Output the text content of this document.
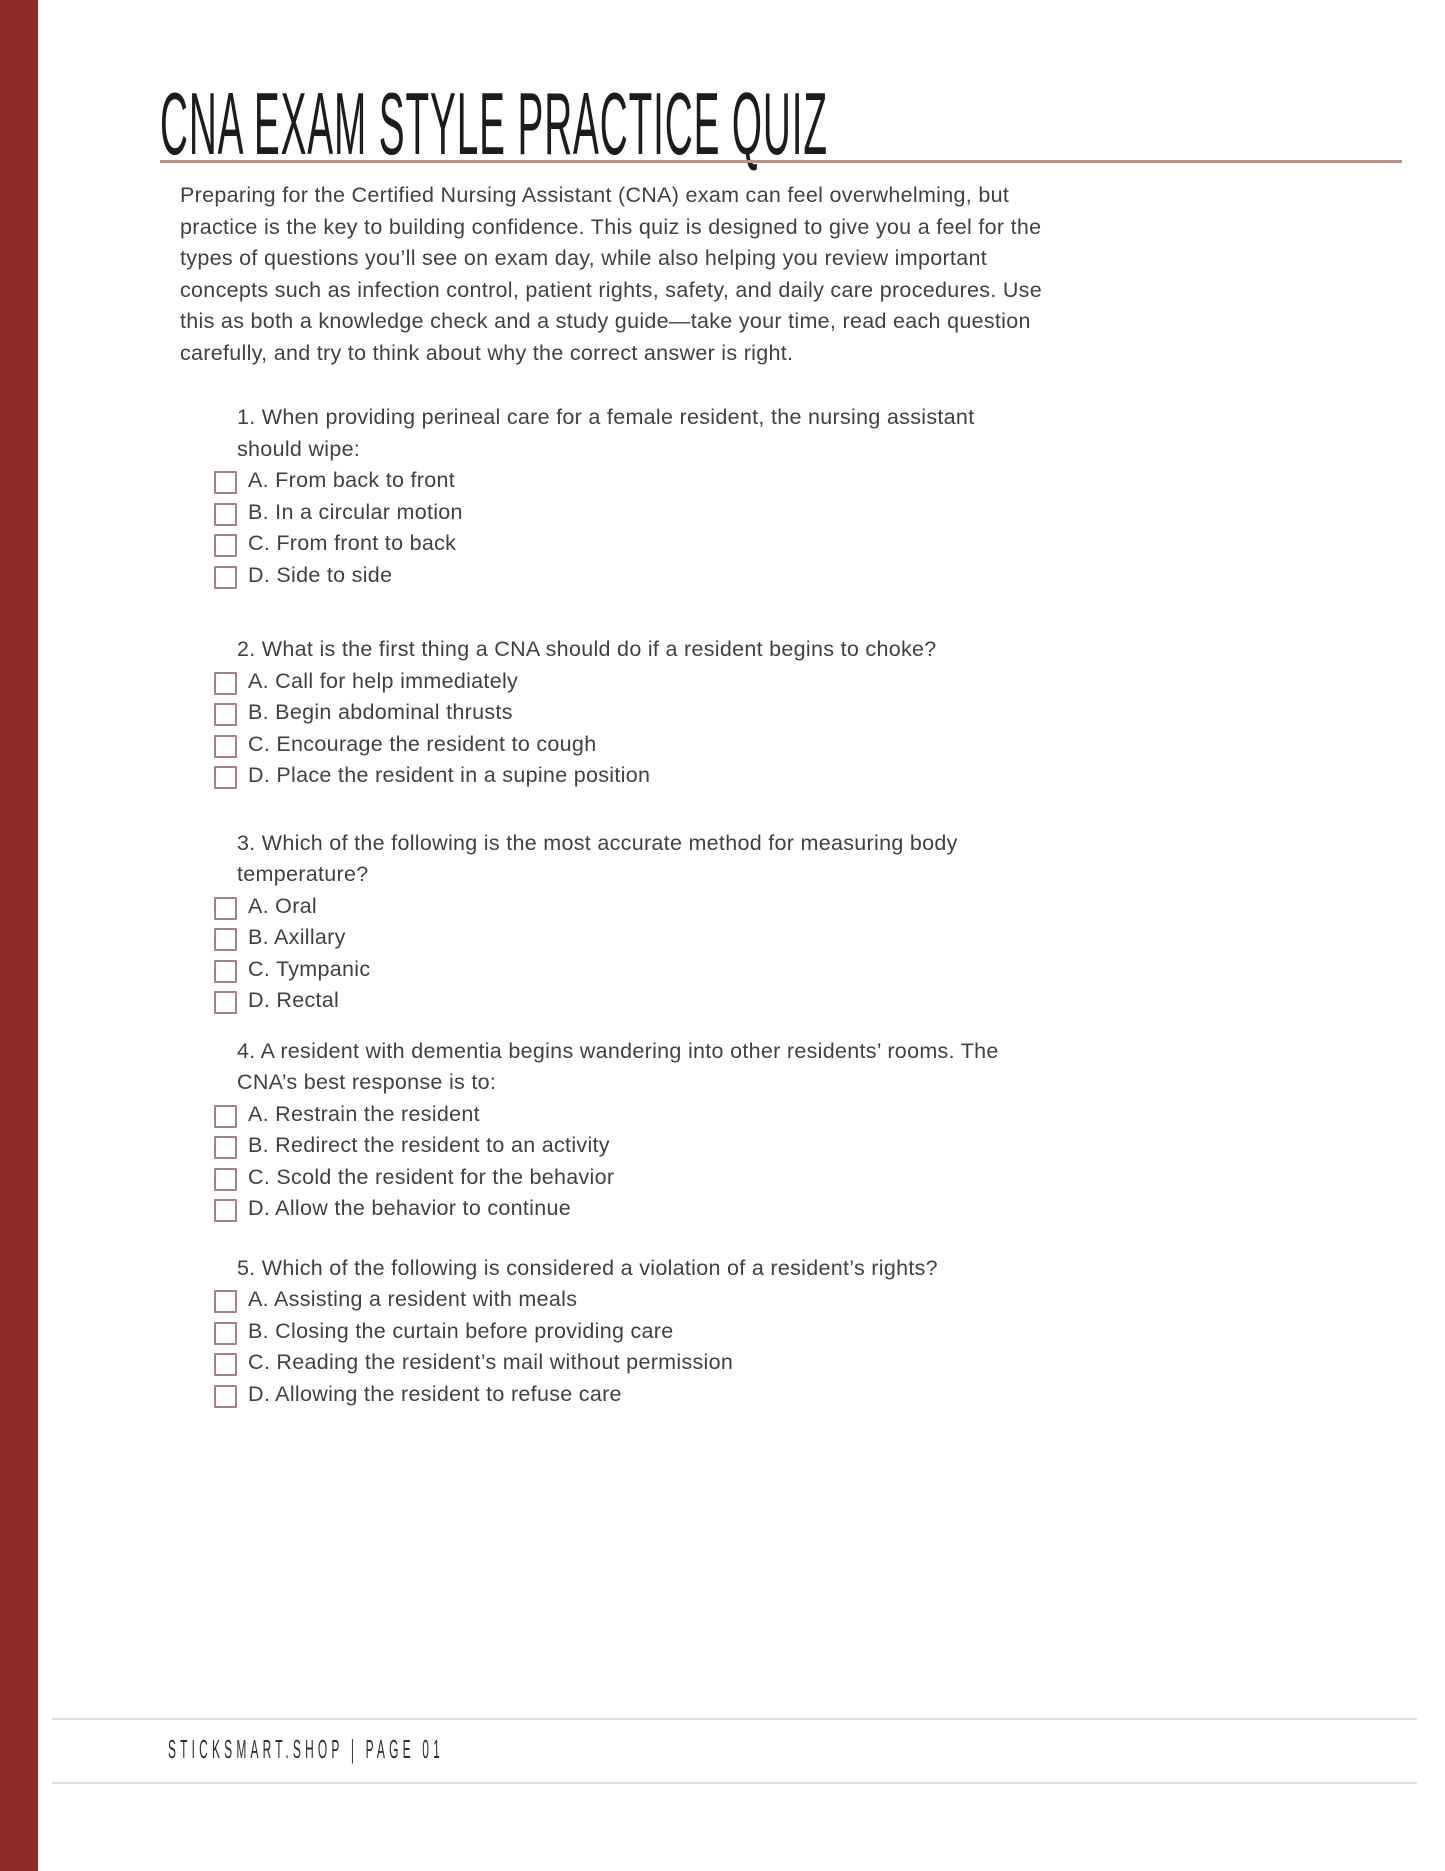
CNA EXAM STYLE PRACTICE QUIZ
Preparing for the Certified Nursing Assistant (CNA) exam can feel overwhelming, but
practice is the key to building confidence. This quiz is designed to give you a feel for the
types of questions you’ll see on exam day, while also helping you review important
concepts such as infection control, patient rights, safety, and daily care procedures. Use
this as both a knowledge check and a study guide—take your time, read each question
carefully, and try to think about why the correct answer is right.
1. When providing perineal care for a female resident, the nursing assistant
should wipe:
A. From back to front
B. In a circular motion
C. From front to back
D. Side to side
2. What is the first thing a CNA should do if a resident begins to choke?
A. Call for help immediately
B. Begin abdominal thrusts
C. Encourage the resident to cough
D. Place the resident in a supine position
3. Which of the following is the most accurate method for measuring body
temperature?
A. Oral
B. Axillary
C. Tympanic
D. Rectal
4. A resident with dementia begins wandering into other residents’ rooms. The
CNA’s best response is to:
A. Restrain the resident
B. Redirect the resident to an activity
C. Scold the resident for the behavior
D. Allow the behavior to continue
5. Which of the following is considered a violation of a resident’s rights?
A. Assisting a resident with meals
B. Closing the curtain before providing care
C. Reading the resident’s mail without permission
D. Allowing the resident to refuse care
STICKSMART.SHOP | PAGE 01
